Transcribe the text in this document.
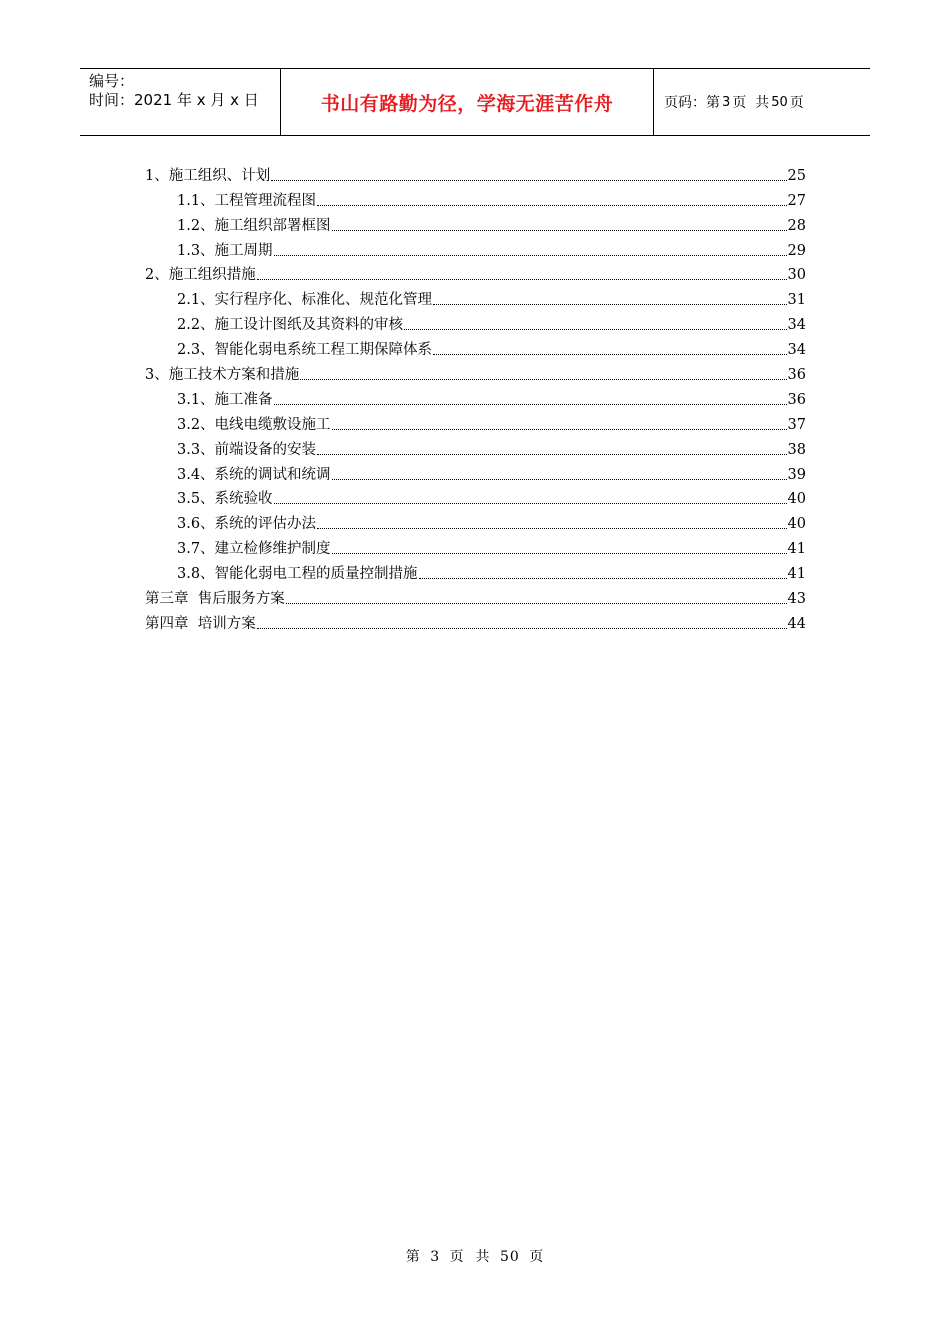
编号：
时间：2021 年 x 月 x 日	书山有路勤为径，学海无涯苦作舟	页码：第 3 页  共 50 页
1、施工组织、计划	25
1.1、工程管理流程图	27
1.2、施工组织部署框图	28
1.3、施工周期	29
2、施工组织措施	30
2.1、实行程序化、标准化、规范化管理	31
2.2、施工设计图纸及其资料的审核	34
2.3、智能化弱电系统工程工期保障体系	34
3、施工技术方案和措施	36
3.1、施工准备	36
3.2、电线电缆敷设施工	37
3.3、前端设备的安装	38
3.4、系统的调试和统调	39
3.5、系统验收	40
3.6、系统的评估办法	40
3.7、建立检修维护制度	41
3.8、智能化弱电工程的质量控制措施	41
第三章  售后服务方案	43
第四章  培训方案	44
第 3 页  共 50 页
